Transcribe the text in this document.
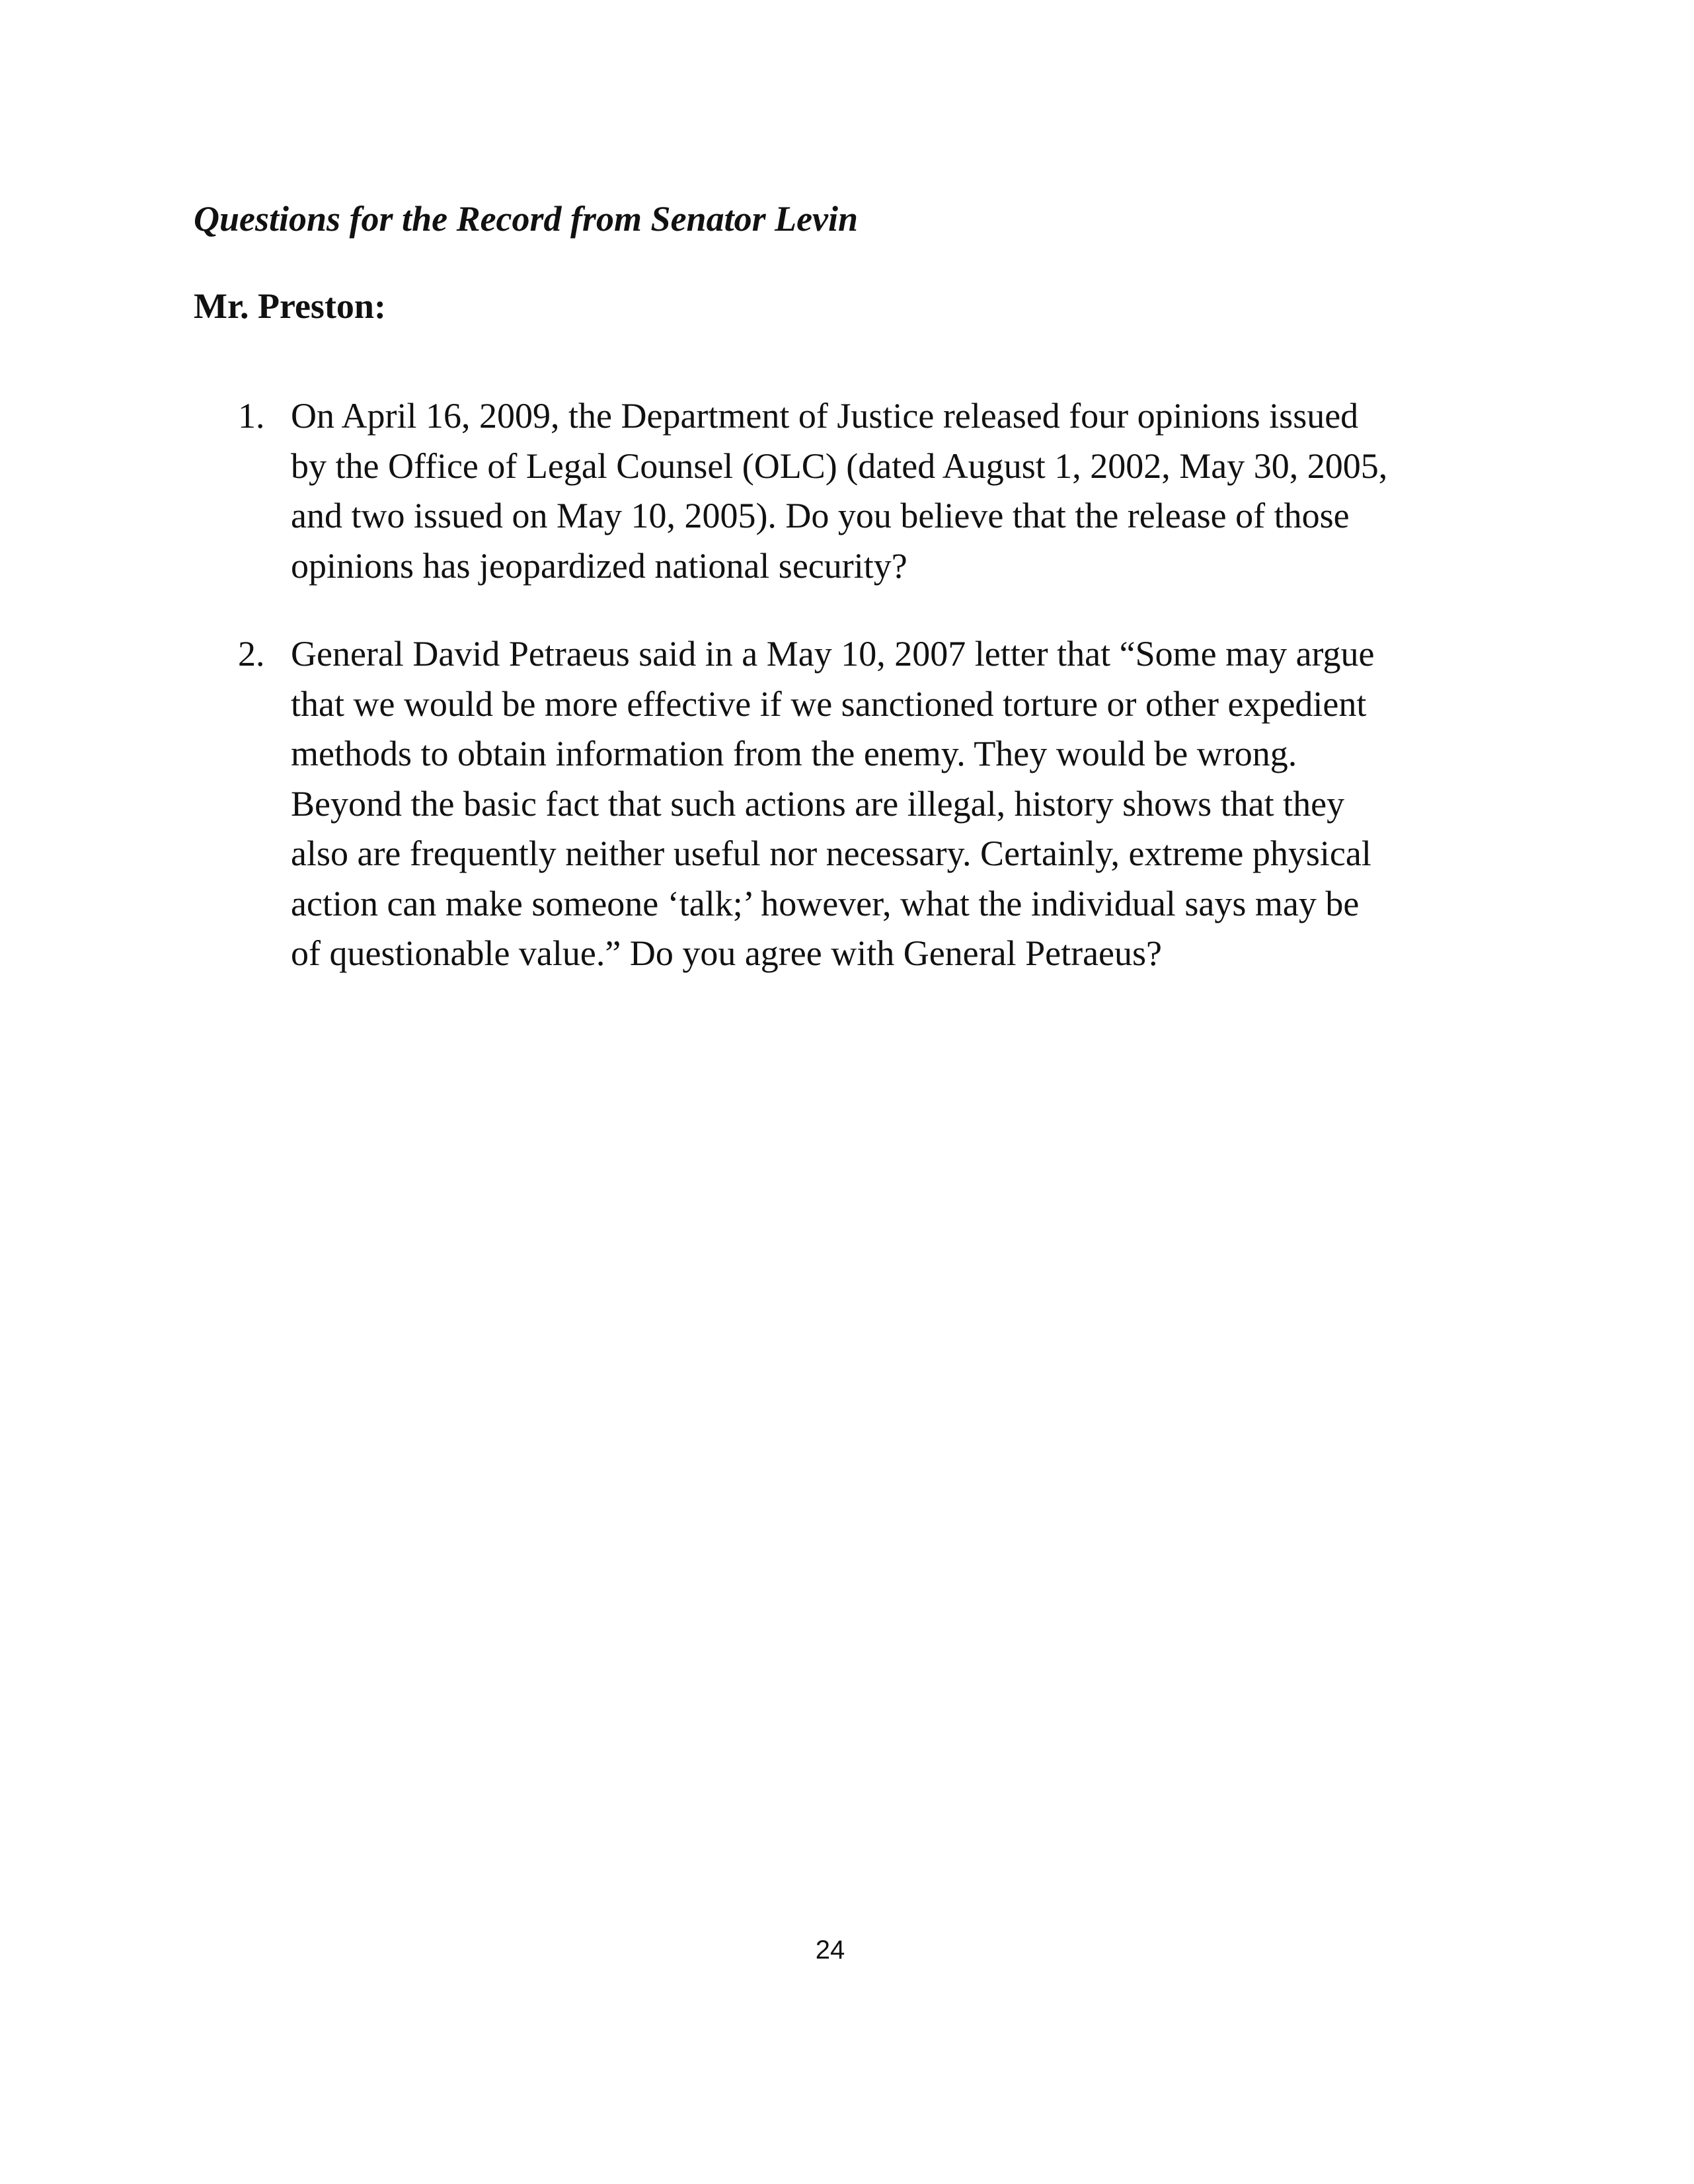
Questions for the Record from Senator Levin
Mr. Preston:
1. On April 16, 2009, the Department of Justice released four opinions issued
by the Office of Legal Counsel (OLC) (dated August 1, 2002, May 30, 2005,
and two issued on May 10, 2005). Do you believe that the release of those
opinions has jeopardized national security?
2. General David Petraeus said in a May 10, 2007 letter that “Some may argue
that we would be more effective if we sanctioned torture or other expedient
methods to obtain information from the enemy. They would be wrong.
Beyond the basic fact that such actions are illegal, history shows that they
also are frequently neither useful nor necessary. Certainly, extreme physical
action can make someone ‘talk;’ however, what the individual says may be
of questionable value.” Do you agree with General Petraeus?
24
